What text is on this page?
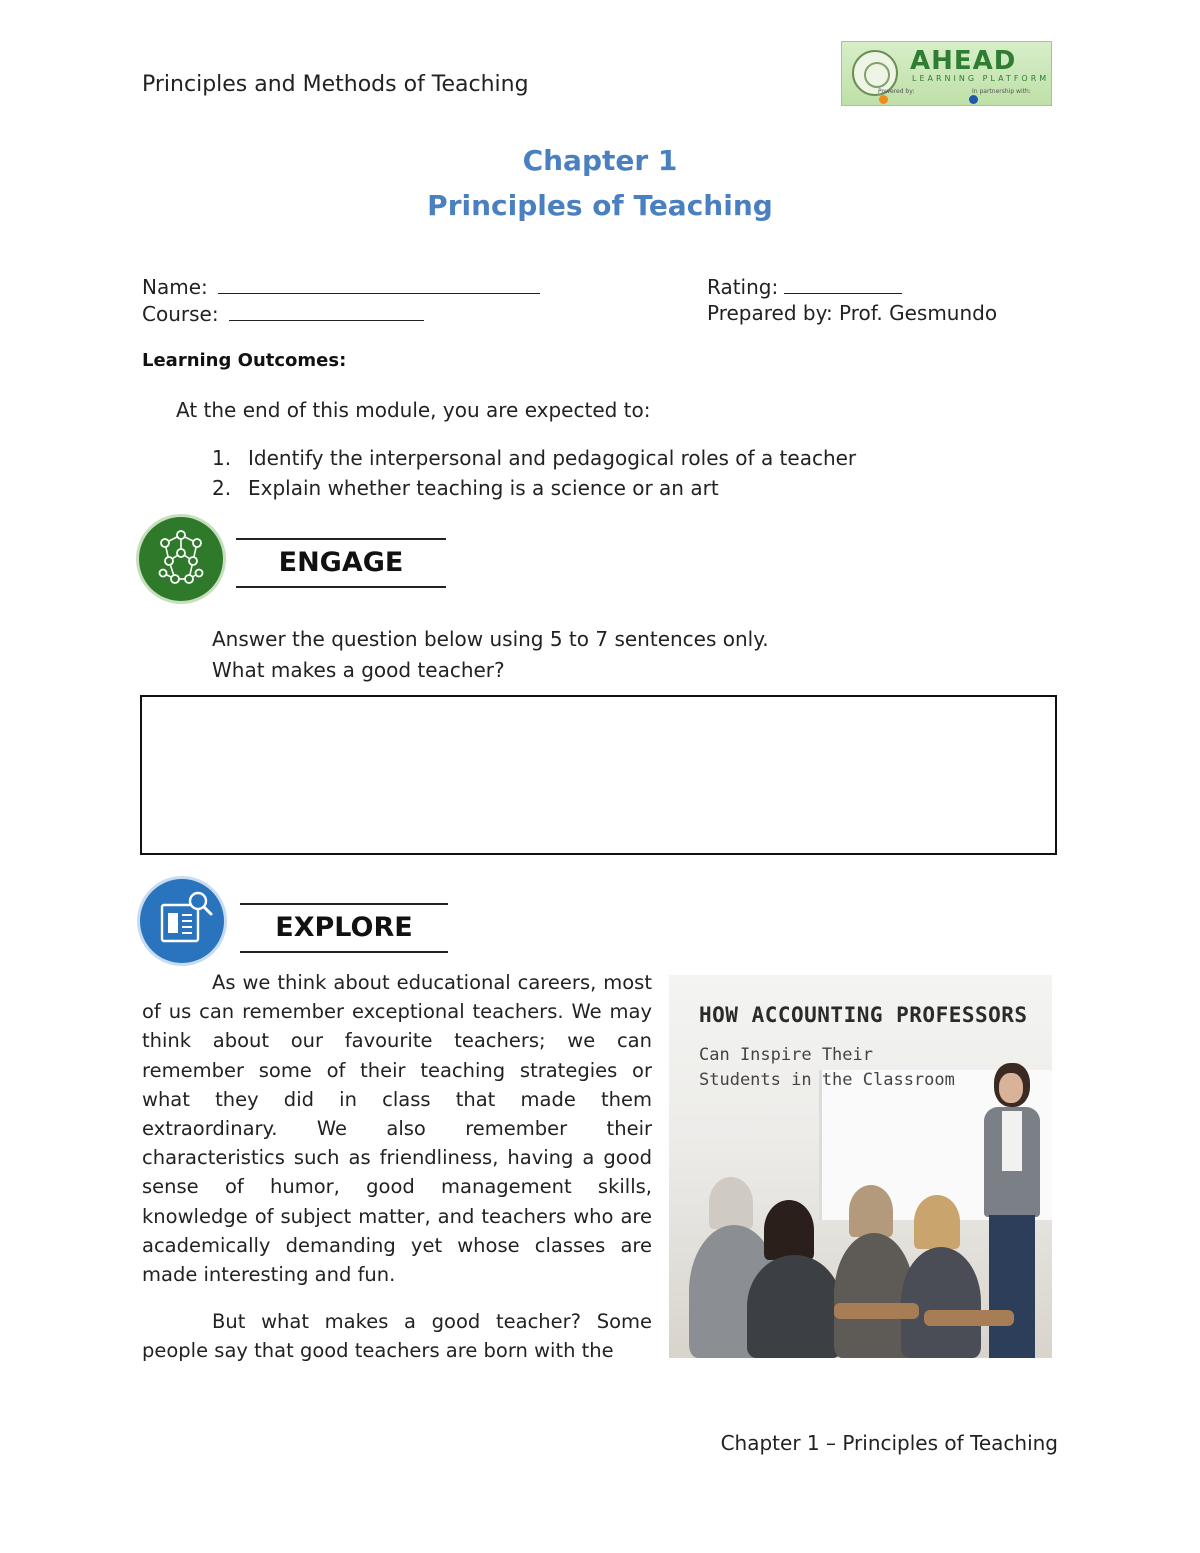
Principles and Methods of Teaching
AHEAD
LEARNING PLATFORM
Powered by:	In partnership with:
Chapter 1
Principles of Teaching
Name:
Course:
Rating:
Prepared by: Prof. Gesmundo
Learning Outcomes:
At the end of this module, you are expected to:
1. Identify the interpersonal and pedagogical roles of a teacher
2. Explain whether teaching is a science or an art
ENGAGE
Answer the question below using 5 to 7 sentences only.
What makes a good teacher?
EXPLORE

As we think about educational careers, most of us can remember exceptional teachers. We may think about our favourite teachers; we can remember some of their teaching strategies or what they did in class that made them extraordinary. We also remember their characteristics such as friendliness, having a good sense of humor, good management skills, knowledge of subject matter, and teachers who are academically demanding yet whose classes are made interesting and fun.

But what makes a good teacher? Some people say that good teachers are born with the

HOW ACCOUNTING PROFESSORS
Can Inspire Their
Students in the Classroom
Chapter 1 – Principles of Teaching
